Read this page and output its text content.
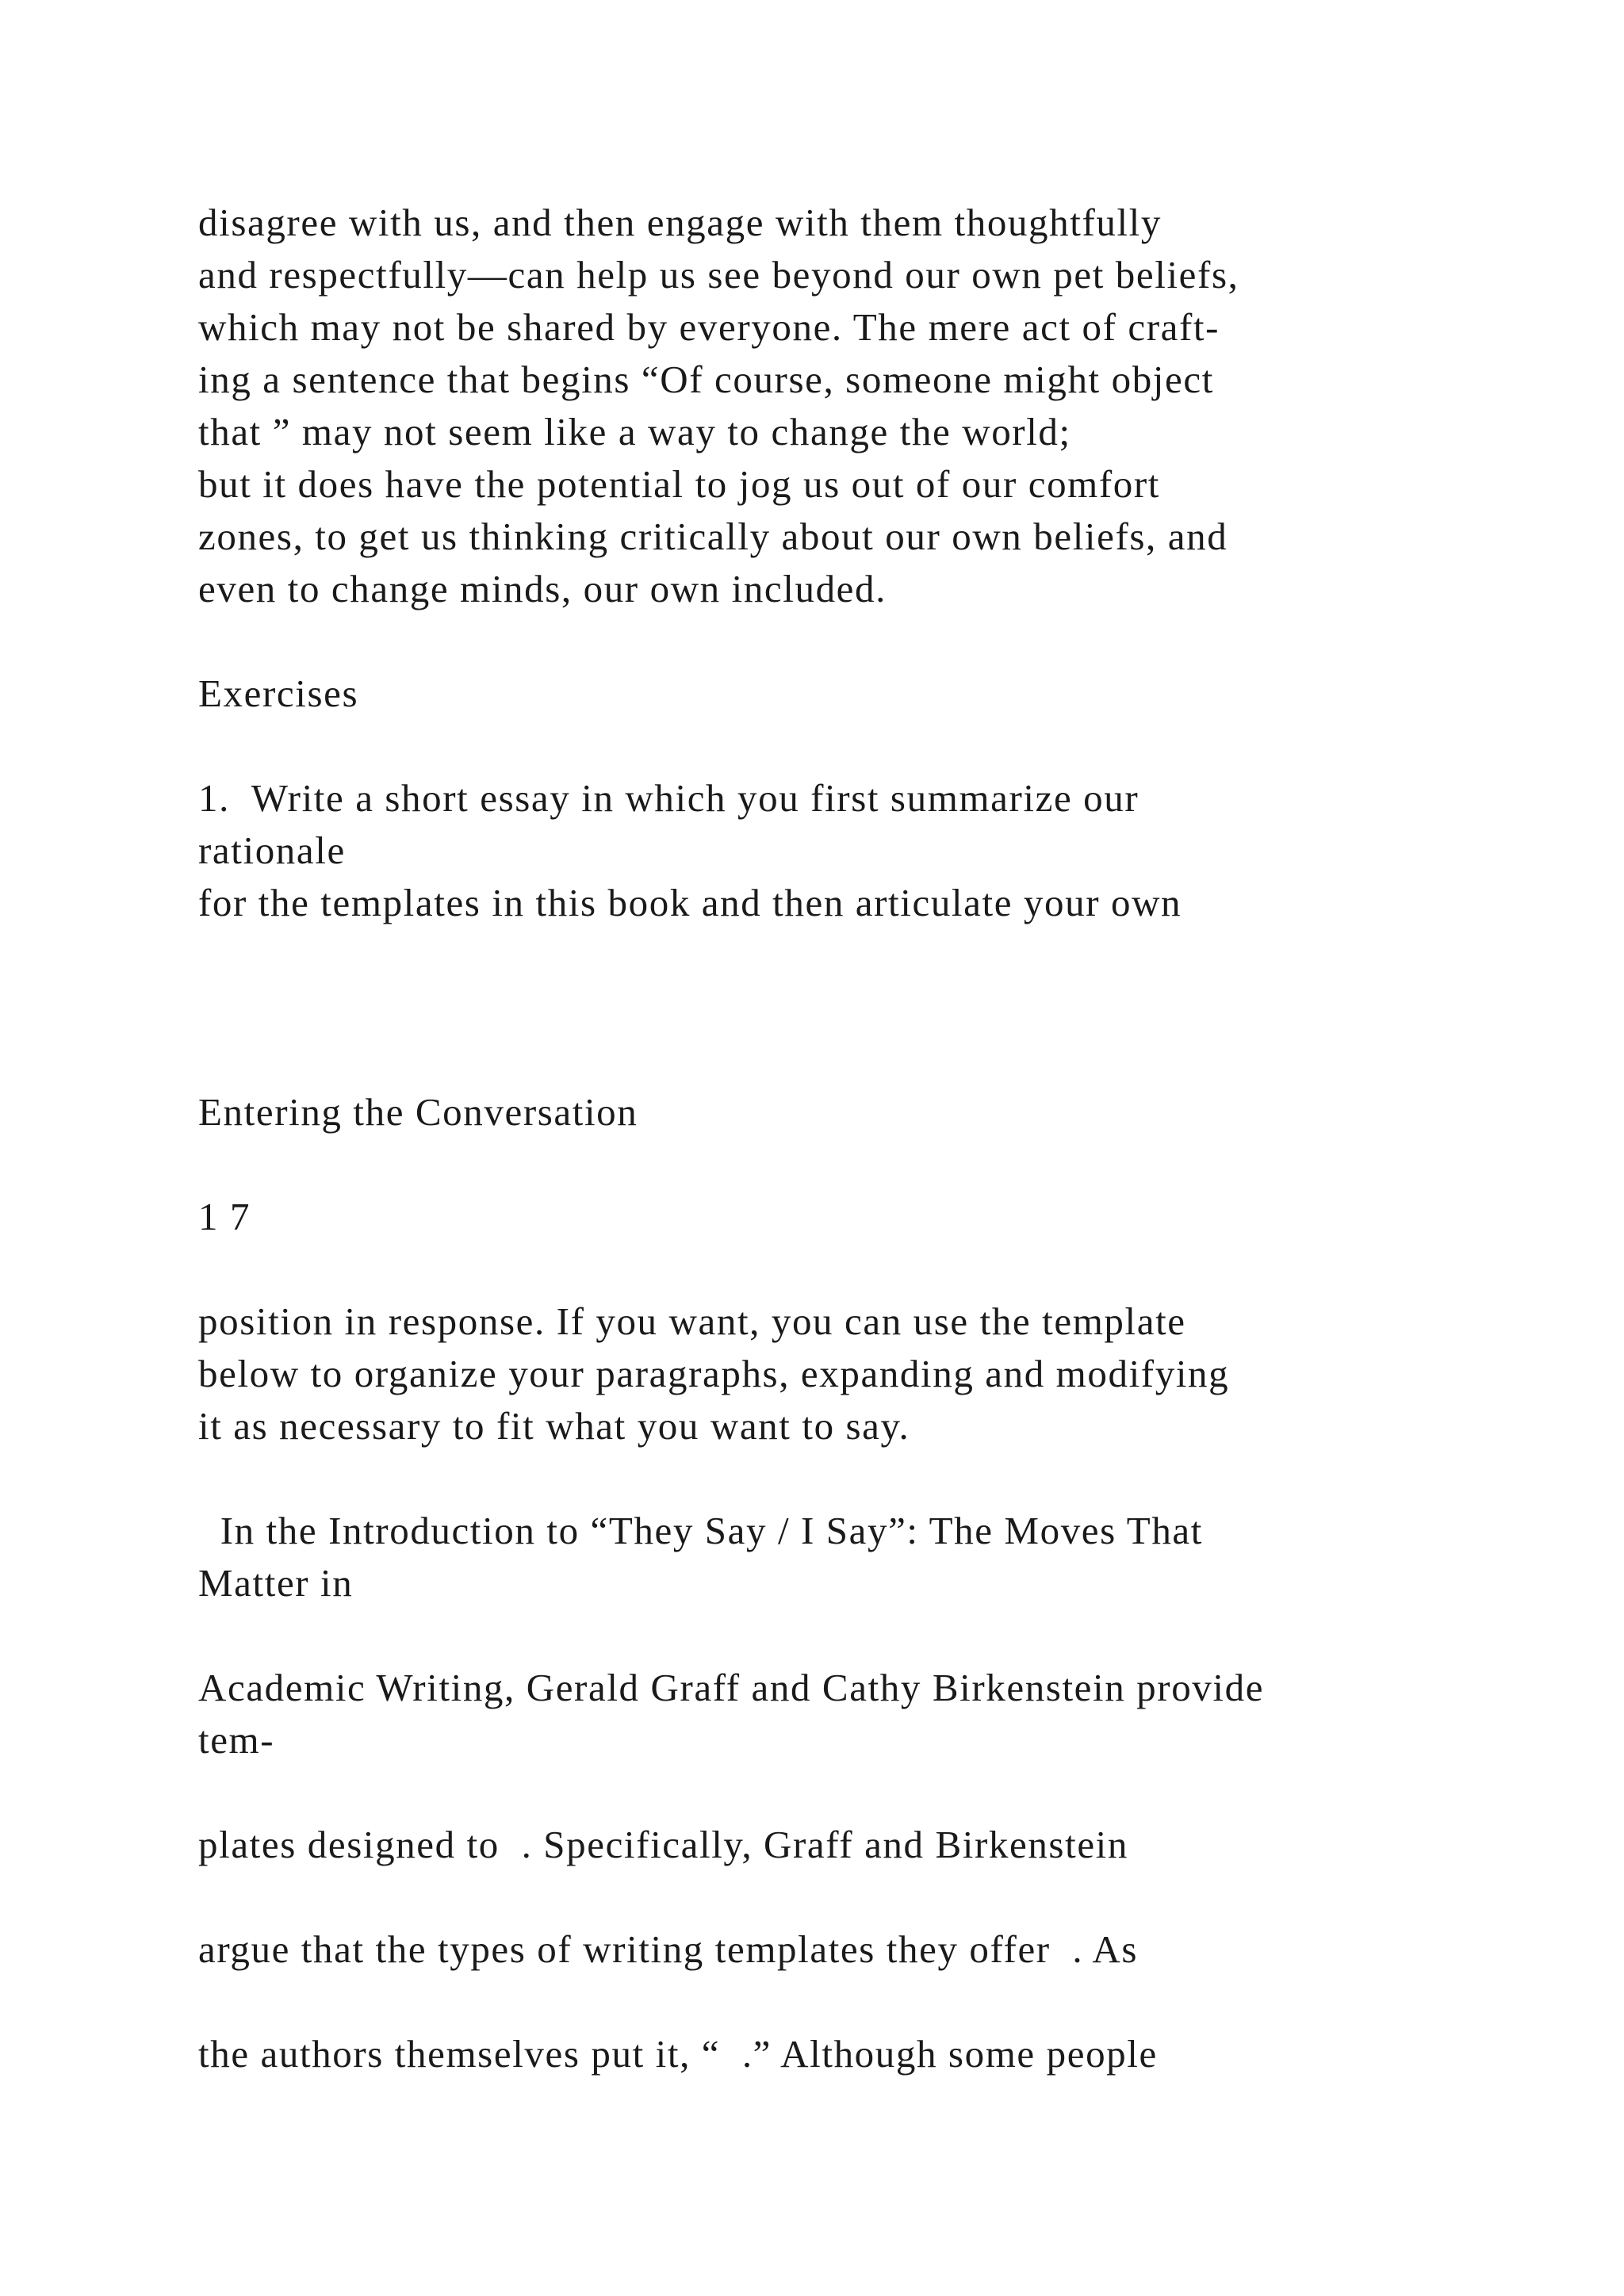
disagree with us, and then engage with them thoughtfully
and respectfully—can help us see beyond our own pet beliefs,
which may not be shared by everyone. The mere act of craft-
ing a sentence that begins “Of course, someone might object
that ” may not seem like a way to change the world;
but it does have the potential to jog us out of our comfort
zones, to get us thinking critically about our own beliefs, and
even to change minds, our own included.
Exercises
1.  Write a short essay in which you first summarize our
rationale
for the templates in this book and then articulate your own
Entering the Conversation
1 7
position in response. If you want, you can use the template
below to organize your paragraphs, expanding and modifying
it as necessary to fit what you want to say.
In the Introduction to “They Say / I Say”: The Moves That
Matter in
Academic Writing, Gerald Graff and Cathy Birkenstein provide
tem-
plates designed to  . Specifically, Graff and Birkenstein
argue that the types of writing templates they offer  . As
the authors themselves put it, “  .” Although some people
